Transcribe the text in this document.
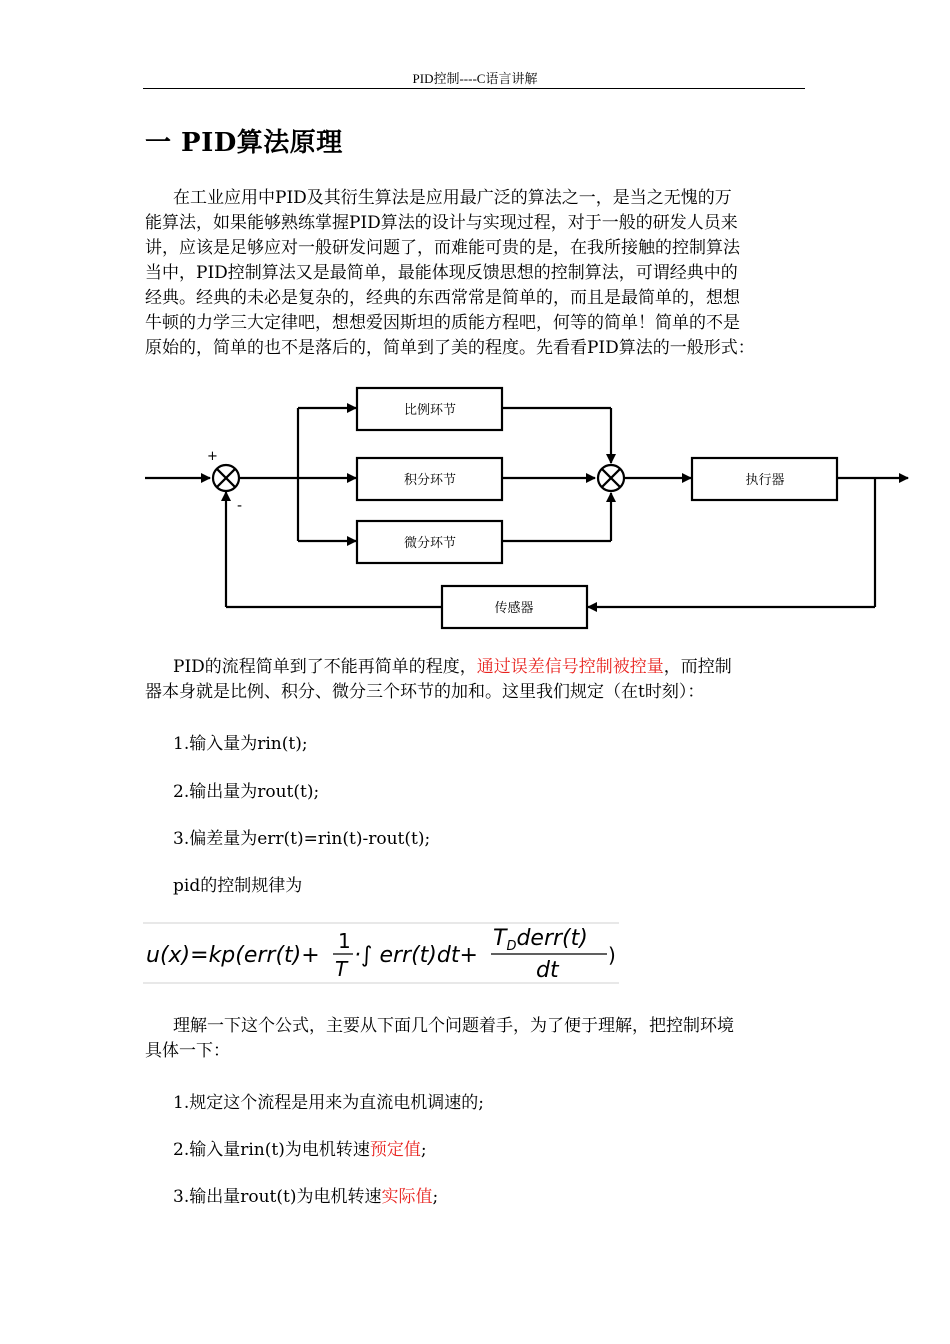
PID控制----C语言讲解
一 PID算法原理
在工业应用中PID及其衍生算法是应用最广泛的算法之一，是当之无愧的万
能算法，如果能够熟练掌握PID算法的设计与实现过程，对于一般的研发人员来
讲，应该是足够应对一般研发问题了，而难能可贵的是，在我所接触的控制算法
当中，PID控制算法又是最简单，最能体现反馈思想的控制算法，可谓经典中的
经典。经典的未必是复杂的，经典的东西常常是简单的，而且是最简单的，想想
牛顿的力学三大定律吧，想想爱因斯坦的质能方程吧，何等的简单！简单的不是
原始的，简单的也不是落后的，简单到了美的程度。先看看PID算法的一般形式：
比例环节
积分环节
微分环节
执行器
传感器
+
-
PID的流程简单到了不能再简单的程度，通过误差信号控制被控量，而控制
器本身就是比例、积分、微分三个环节的加和。这里我们规定（在t时刻）：
1.输入量为rin(t);
2.输出量为rout(t);
3.偏差量为err(t)=rin(t)-rout(t);
pid的控制规律为
u(x)=kp(err(t)+
1
T
·∫ err(t)dt+
$T_Dderr(t)$
dt
)
理解一下这个公式，主要从下面几个问题着手，为了便于理解，把控制环境
具体一下：
1.规定这个流程是用来为直流电机调速的;
2.输入量rin(t)为电机转速预定值;
3.输出量rout(t)为电机转速实际值;
